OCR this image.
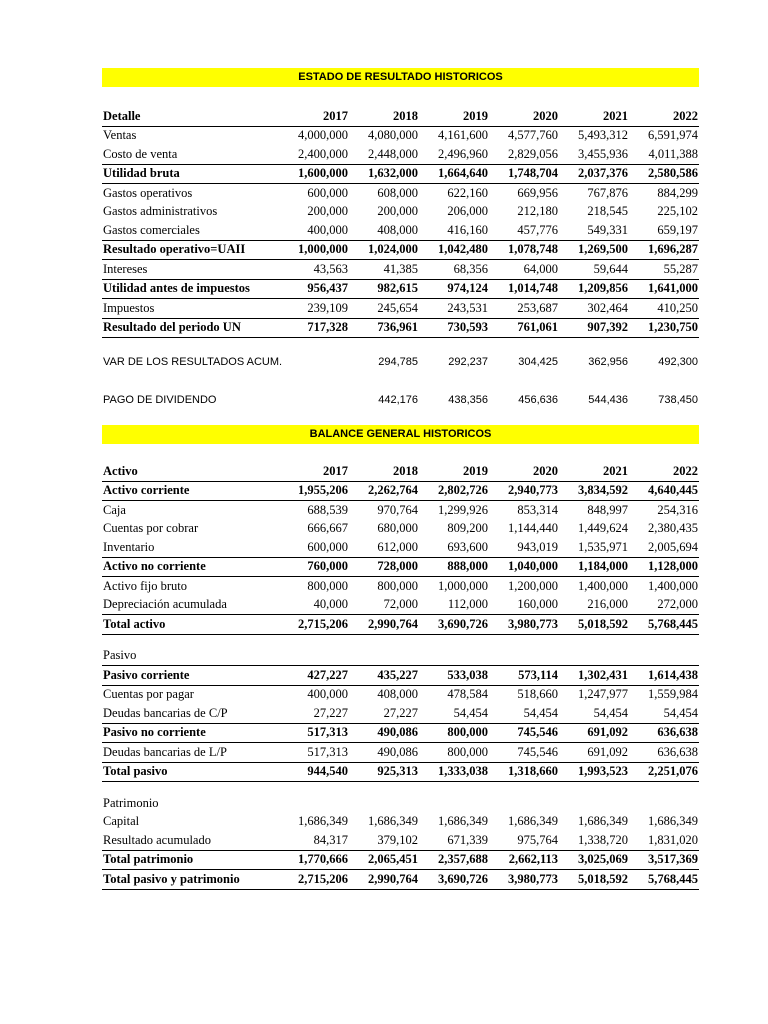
ESTADO DE RESULTADO HISTORICOS
Detalle	2017	2018	2019	2020	2021	2022
Ventas	4,000,000	4,080,000	4,161,600	4,577,760	5,493,312	6,591,974
Costo de venta	2,400,000	2,448,000	2,496,960	2,829,056	3,455,936	4,011,388
Utilidad bruta	1,600,000	1,632,000	1,664,640	1,748,704	2,037,376	2,580,586
Gastos operativos	600,000	608,000	622,160	669,956	767,876	884,299
Gastos administrativos	200,000	200,000	206,000	212,180	218,545	225,102
Gastos comerciales	400,000	408,000	416,160	457,776	549,331	659,197
Resultado operativo=UAII	1,000,000	1,024,000	1,042,480	1,078,748	1,269,500	1,696,287
Intereses	43,563	41,385	68,356	64,000	59,644	55,287
Utilidad antes de impuestos	956,437	982,615	974,124	1,014,748	1,209,856	1,641,000
Impuestos	239,109	245,654	243,531	253,687	302,464	410,250
Resultado del periodo UN	717,328	736,961	730,593	761,061	907,392	1,230,750
VAR DE LOS RESULTADOS ACUM.		294,785	292,237	304,425	362,956	492,300

PAGO DE DIVIDENDO		442,176	438,356	456,636	544,436	738,450
BALANCE GENERAL HISTORICOS
Activo	2017	2018	2019	2020	2021	2022
Activo corriente	1,955,206	2,262,764	2,802,726	2,940,773	3,834,592	4,640,445
Caja	688,539	970,764	1,299,926	853,314	848,997	254,316
Cuentas por cobrar	666,667	680,000	809,200	1,144,440	1,449,624	2,380,435
Inventario	600,000	612,000	693,600	943,019	1,535,971	2,005,694
Activo no corriente	760,000	728,000	888,000	1,040,000	1,184,000	1,128,000
Activo fijo bruto	800,000	800,000	1,000,000	1,200,000	1,400,000	1,400,000
Depreciación acumulada	40,000	72,000	112,000	160,000	216,000	272,000
Total activo	2,715,206	2,990,764	3,690,726	3,980,773	5,018,592	5,768,445

Pasivo						
Pasivo corriente	427,227	435,227	533,038	573,114	1,302,431	1,614,438
Cuentas por pagar	400,000	408,000	478,584	518,660	1,247,977	1,559,984
Deudas bancarias de C/P	27,227	27,227	54,454	54,454	54,454	54,454
Pasivo no corriente	517,313	490,086	800,000	745,546	691,092	636,638
Deudas bancarias de L/P	517,313	490,086	800,000	745,546	691,092	636,638
Total pasivo	944,540	925,313	1,333,038	1,318,660	1,993,523	2,251,076

Patrimonio						
Capital	1,686,349	1,686,349	1,686,349	1,686,349	1,686,349	1,686,349
Resultado acumulado	84,317	379,102	671,339	975,764	1,338,720	1,831,020
Total patrimonio	1,770,666	2,065,451	2,357,688	2,662,113	3,025,069	3,517,369
Total pasivo y patrimonio	2,715,206	2,990,764	3,690,726	3,980,773	5,018,592	5,768,445
